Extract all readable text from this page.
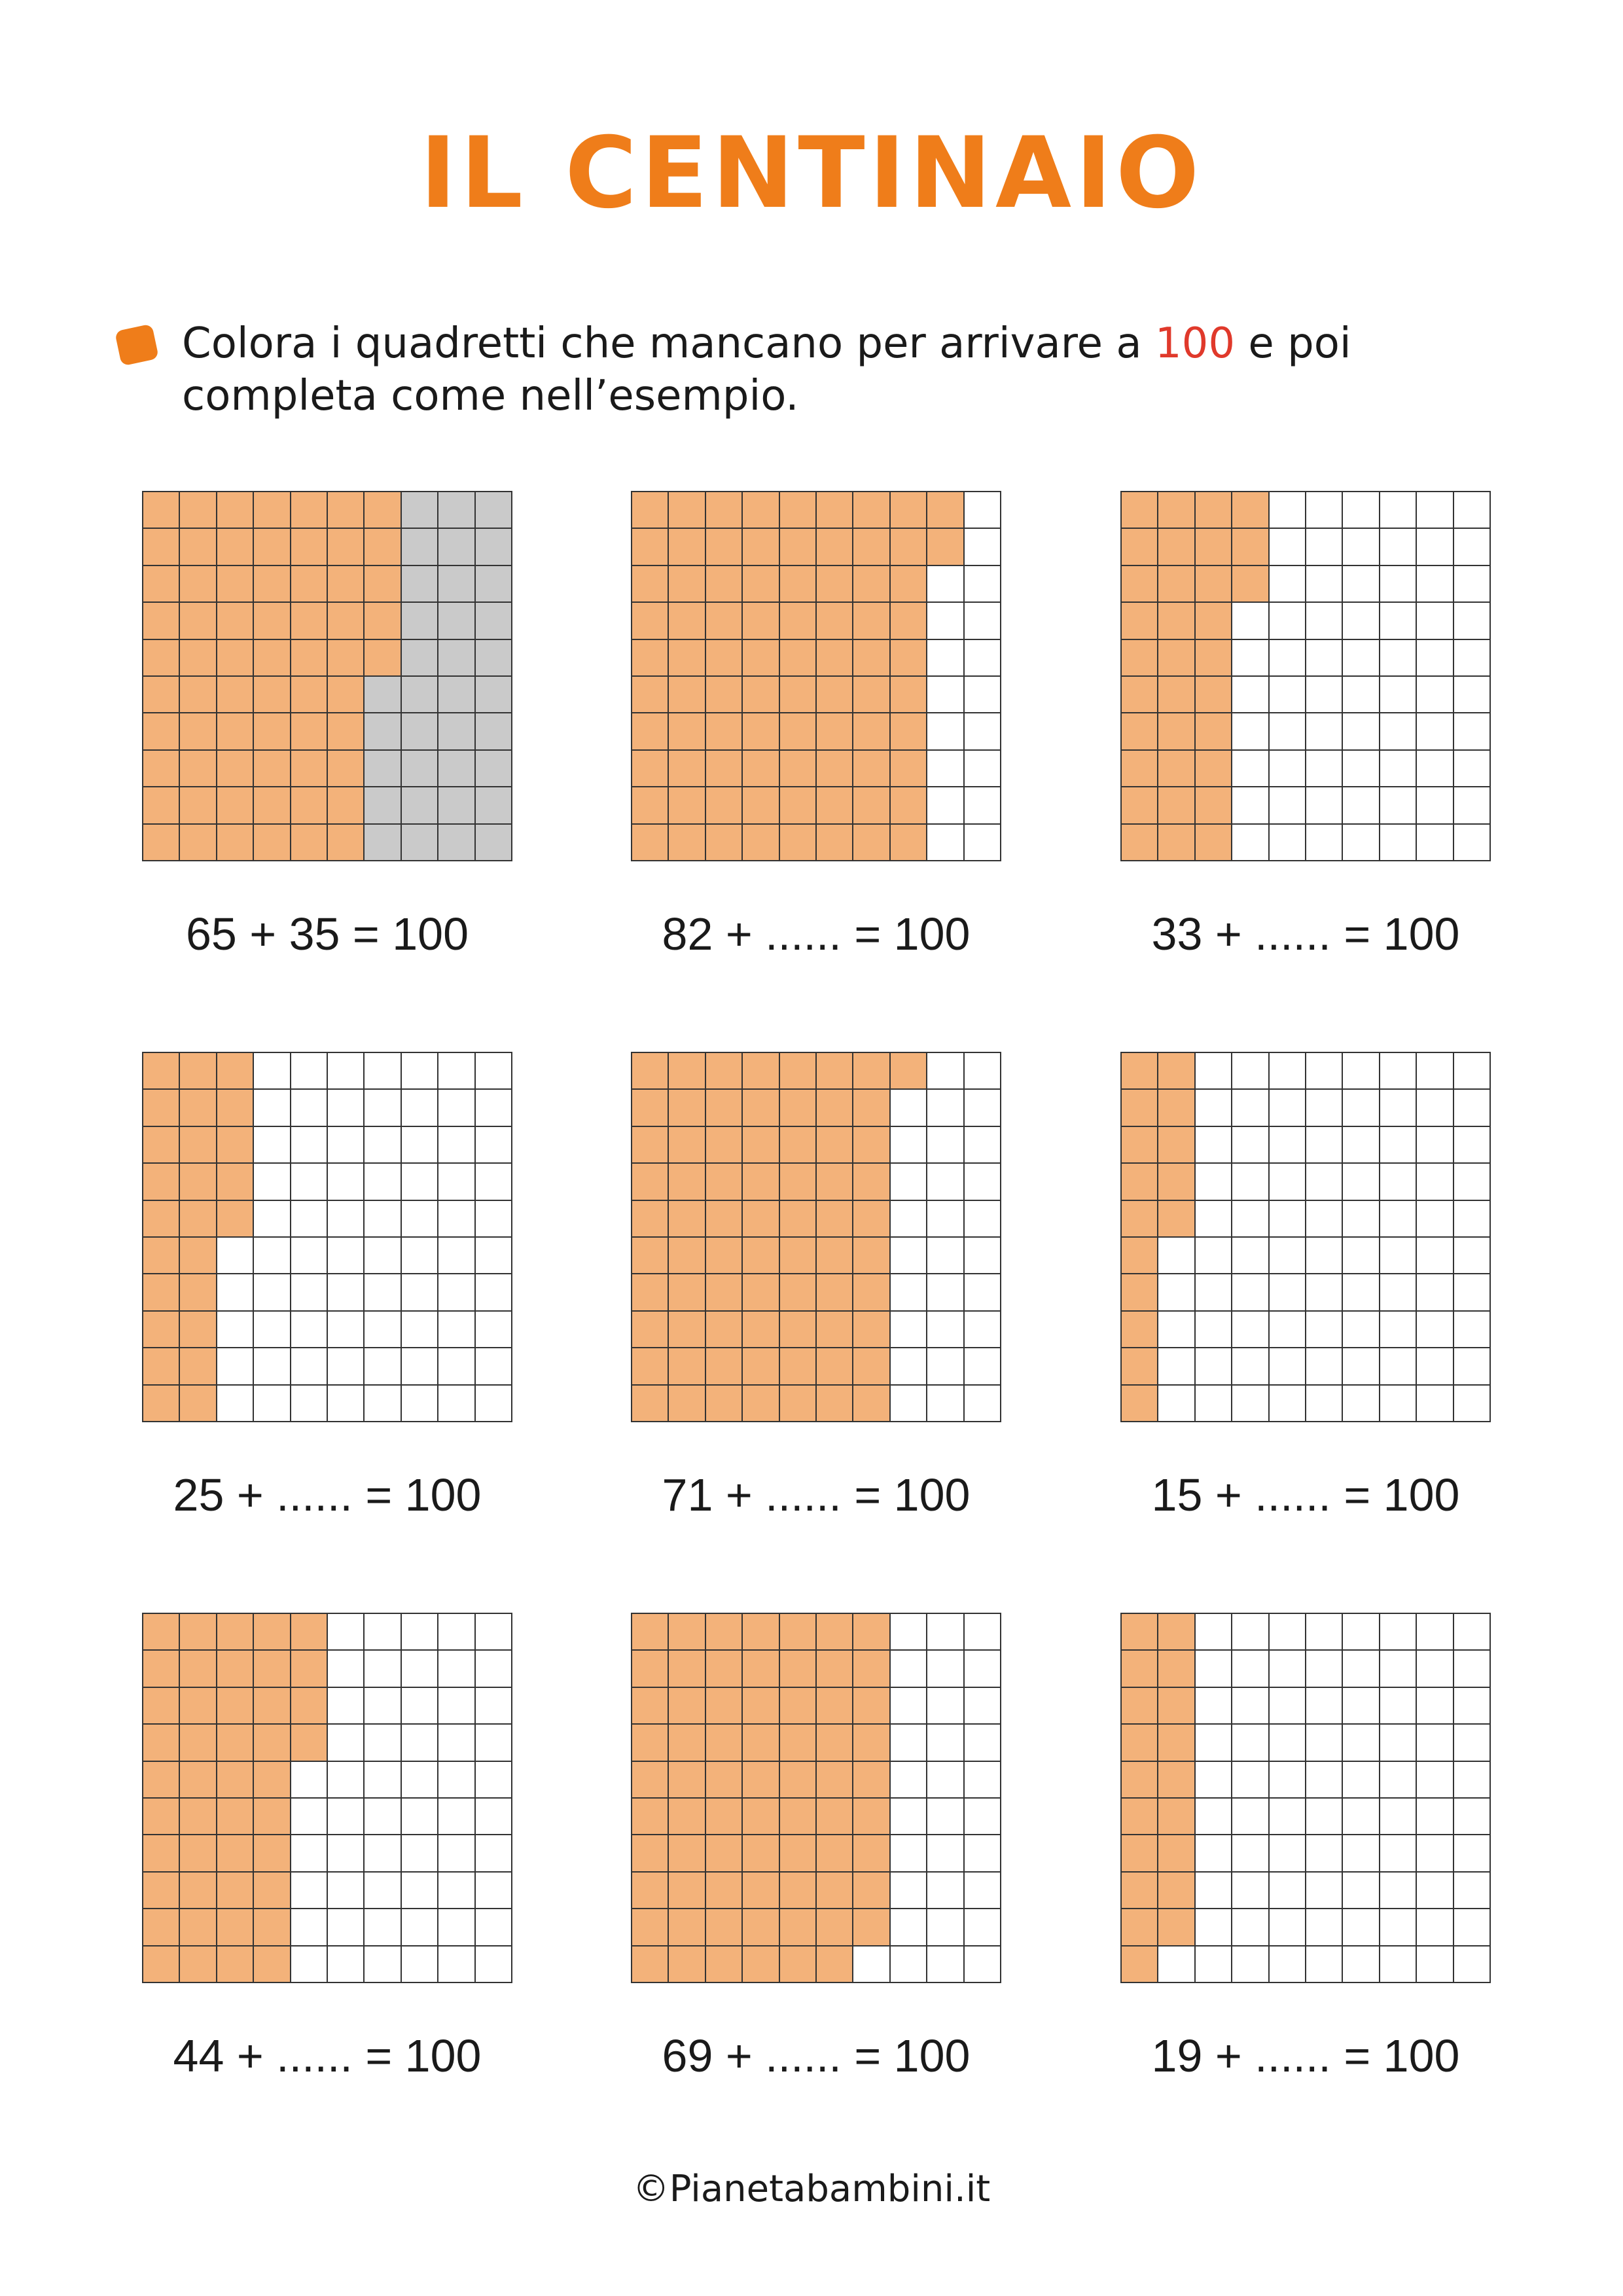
IL CENTINAIO
Colora i quadretti che mancano per arrivare a 100 e poi completa come nell’esempio.
65 + 35 = 100	82 + ...... = 100	33 + ...... = 100
25 + ...... = 100	71 + ...... = 100	15 + ...... = 100
44 + ...... = 100	69 + ...... = 100	19 + ...... = 100
©Pianetabambini.it
